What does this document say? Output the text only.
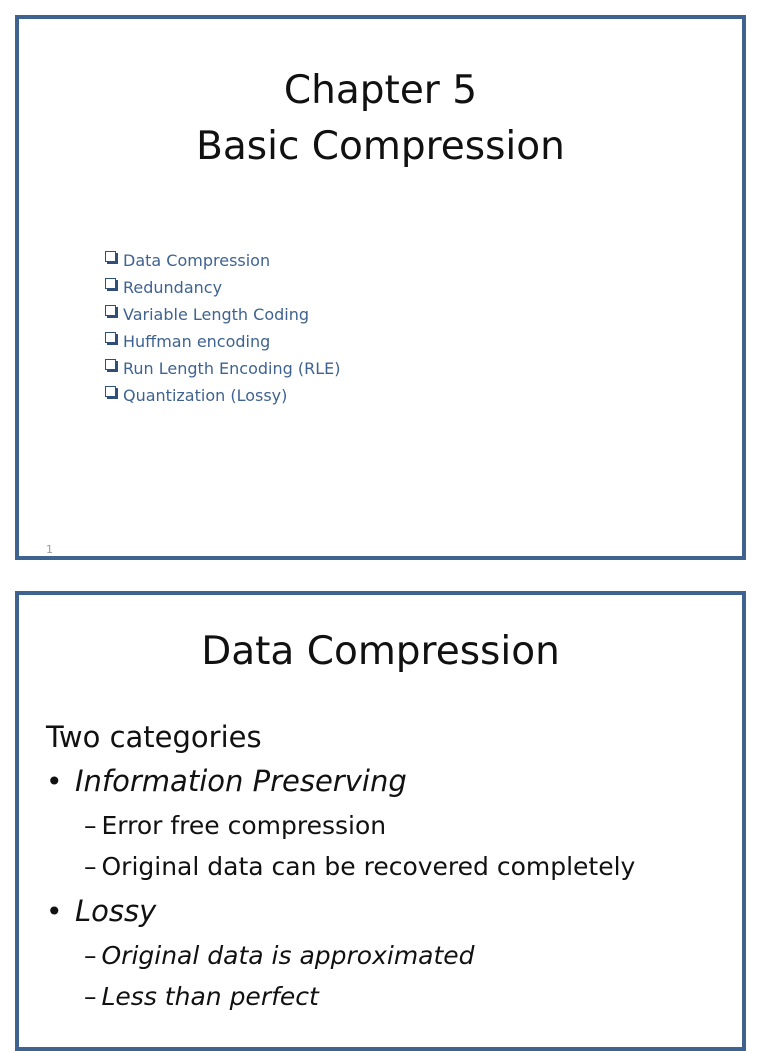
Chapter 5
Basic Compression
Data Compression
Redundancy
Variable Length Coding
Huffman encoding
Run Length Encoding (RLE)
Quantization (Lossy)
1
Data Compression
Two categories
• Information Preserving
– Error free compression
– Original data can be recovered completely
• Lossy
– Original data is approximated
– Less than perfect
